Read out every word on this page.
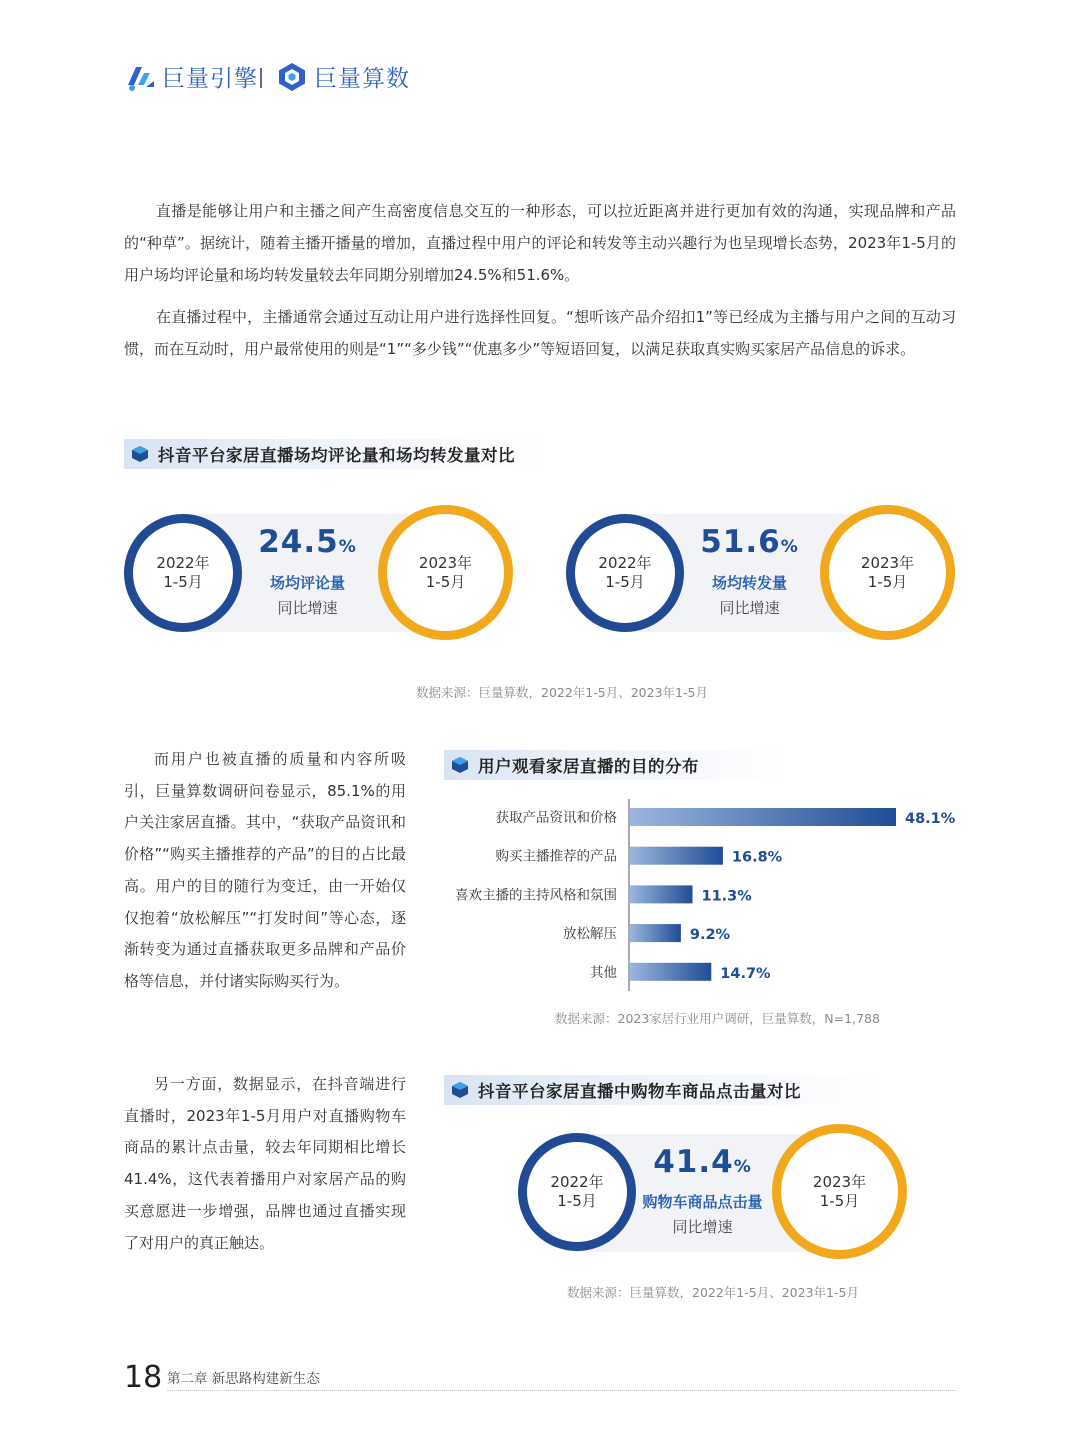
巨量引擎 巨量算数

直播是能够让用户和主播之间产生高密度信息交互的一种形态，可以拉近距离并进行更加有效的沟通，实现品牌和产品的“种草”。据统计，随着主播开播量的增加，直播过程中用户的评论和转发等主动兴趣行为也呈现增长态势，2023年1-5月的用户场均评论量和场均转发量较去年同期分别增加24.5%和51.6%。

在直播过程中，主播通常会通过互动让用户进行选择性回复。“想听该产品介绍扣1”等已经成为主播与用户之间的互动习惯，而在互动时，用户最常使用的则是“1”“多少钱”“优惠多少”等短语回复，以满足获取真实购买家居产品信息的诉求。

抖音平台家居直播场均评论量和场均转发量对比
2022年
1-5月
2023年
1-5月
24.5%
场均评论量
同比增速
2022年
1-5月
2023年
1-5月
51.6%
场均转发量
同比增速
数据来源：巨量算数，2022年1-5月、2023年1-5月

而用户也被直播的质量和内容所吸引，巨量算数调研问卷显示，85.1%的用户关注家居直播。其中，“获取产品资讯和价格”“购买主播推荐的产品”的目的占比最高。用户的目的随行为变迁，由一开始仅仅抱着“放松解压”“打发时间”等心态，逐渐转变为通过直播获取更多品牌和产品价格等信息，并付诸实际购买行为。

用户观看家居直播的目的分布
获取产品资讯和价格	48.1%
购买主播推荐的产品	16.8%
喜欢主播的主持风格和氛围	11.3%
放松解压	9.2%
其他	14.7%
数据来源：2023家居行业用户调研，巨量算数，N=1,788

另一方面，数据显示，在抖音端进行直播时，2023年1-5月用户对直播购物车商品的累计点击量，较去年同期相比增长41.4%，这代表着播用户对家居产品的购买意愿进一步增强，品牌也通过直播实现了对用户的真正触达。

抖音平台家居直播中购物车商品点击量对比
2022年
1-5月
2023年
1-5月
41.4%
购物车商品点击量
同比增速
数据来源：巨量算数，2022年1-5月、2023年1-5月
18 第二章 新思路构建新生态
